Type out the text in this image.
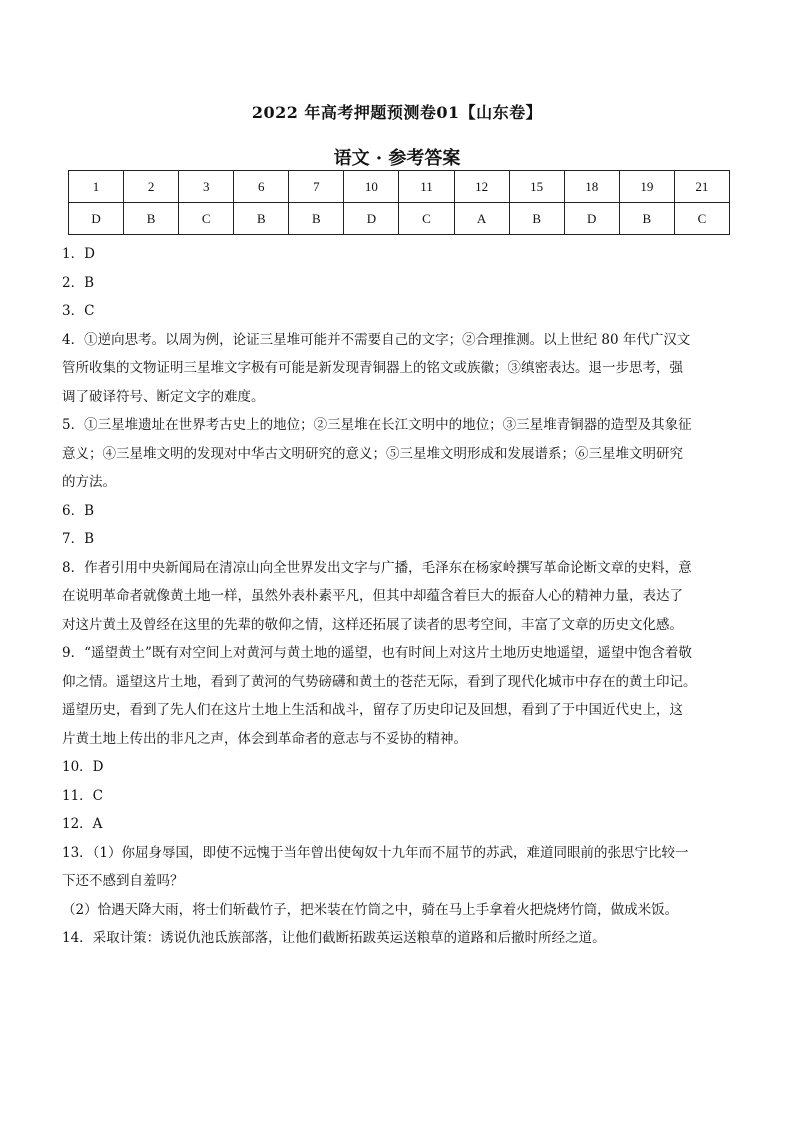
2022 年高考押题预测卷01【山东卷】
语文 · 参考答案
1	2	3	6	7	10	11	12	15	18	19	21
D	B	C	B	B	D	C	A	B	D	B	C

1．D

2．B

3．C

4．①逆向思考。以周为例，论证三星堆可能并不需要自己的文字；②合理推测。以上世纪 80 年代广汉文

管所收集的文物证明三星堆文字极有可能是新发现青铜器上的铭文或族徽；③缜密表达。退一步思考，强

调了破译符号、断定文字的难度。

5．①三星堆遗址在世界考古史上的地位；②三星堆在长江文明中的地位；③三星堆青铜器的造型及其象征

意义；④三星堆文明的发现对中华古文明研究的意义；⑤三星堆文明形成和发展谱系；⑥三星堆文明研究

的方法。

6．B

7．B

8．作者引用中央新闻局在清凉山向全世界发出文字与广播，毛泽东在杨家岭撰写革命论断文章的史料，意

在说明革命者就像黄土地一样，虽然外表朴素平凡，但其中却蕴含着巨大的振奋人心的精神力量，表达了

对这片黄土及曾经在这里的先辈的敬仰之情，这样还拓展了读者的思考空间，丰富了文章的历史文化感。

9．“遥望黄土”既有对空间上对黄河与黄土地的遥望，也有时间上对这片土地历史地遥望，遥望中饱含着敬

仰之情。遥望这片土地，看到了黄河的气势磅礴和黄土的苍茫无际，看到了现代化城市中存在的黄土印记。

遥望历史，看到了先人们在这片土地上生活和战斗，留存了历史印记及回想，看到了于中国近代史上，这

片黄土地上传出的非凡之声，体会到革命者的意志与不妥协的精神。

10．D

11．C

12．A

13．（1）你屈身辱国，即使不远愧于当年曾出使匈奴十九年而不屈节的苏武，难道同眼前的张思宁比较一

下还不感到自羞吗？

（2）恰遇天降大雨，将士们斩截竹子，把米装在竹筒之中，骑在马上手拿着火把烧烤竹筒，做成米饭。

14．采取计策：诱说仇池氐族部落，让他们截断拓跋英运送粮草的道路和后撤时所经之道。
